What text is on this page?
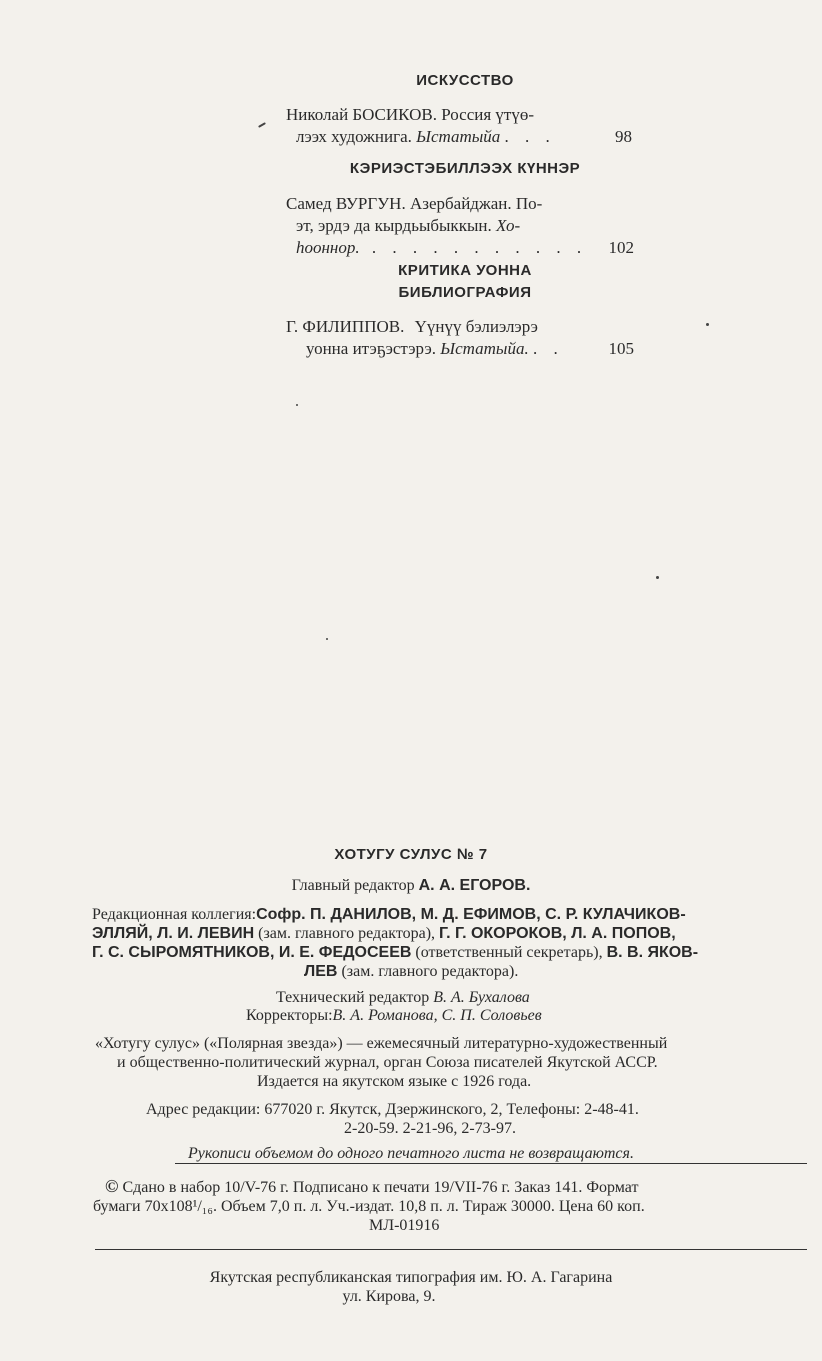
ИСКУССТВО
Николай БОСИКОВ. Россия үтүө-
лээх художнига. Ыстатыйа . . .	98
КЭРИЭСТЭБИЛЛЭЭХ КҮННЭР
Самед ВУРГУН. Азербайджан. По-
эт, эрдэ да кырдьыбыккын. Хо-
һооннор. . . . . . . . . . . .	102
КРИТИКА УОННА
БИБЛИОГРАФИЯ
Г. ФИЛИППОВ. Үүнүү бэлиэлэрэ
уонна итэҕэстэрэ. Ыстатыйа. . .	105
ХОТУГУ СУЛУС № 7
Главный редактор А. А. ЕГОРОВ.
Редакционная коллегия:Софр. П. ДАНИЛОВ, М. Д. ЕФИМОВ, С. Р. КУЛАЧИКОВ-
ЭЛЛЯЙ, Л. И. ЛЕВИН (зам. главного редактора), Г. Г. ОКОРОКОВ, Л. А. ПОПОВ,
Г. С. СЫРОМЯТНИКОВ, И. Е. ФЕДОСЕЕВ (ответственный секретарь), В. В. ЯКОВ-
ЛЕВ (зам. главного редактора).
Технический редактор В. А. Бухалова
Корректоры:В. А. Романова, С. П. Соловьев
«Хотугу сулус» («Полярная звезда») — ежемесячный литературно-художественный
и общественно-политический журнал, орган Союза писателей Якутской АССР.
Издается на якутском языке с 1926 года.
Адрес редакции: 677020 г. Якутск, Дзержинского, 2, Телефоны: 2-48-41.
2-20-59. 2-21-96, 2-73-97.
Рукописи объемом до одного печатного листа не возвращаются.
© Сдано в набор 10/V-76 г. Подписано к печати 19/VII-76 г. Заказ 141. Формат
бумаги 70х108¹/₁₆. Объем 7,0 п. л. Уч.-издат. 10,8 п. л. Тираж 30000. Цена 60 коп.
МЛ-01916
Якутская республиканская типография им. Ю. А. Гагарина
ул. Кирова, 9.
